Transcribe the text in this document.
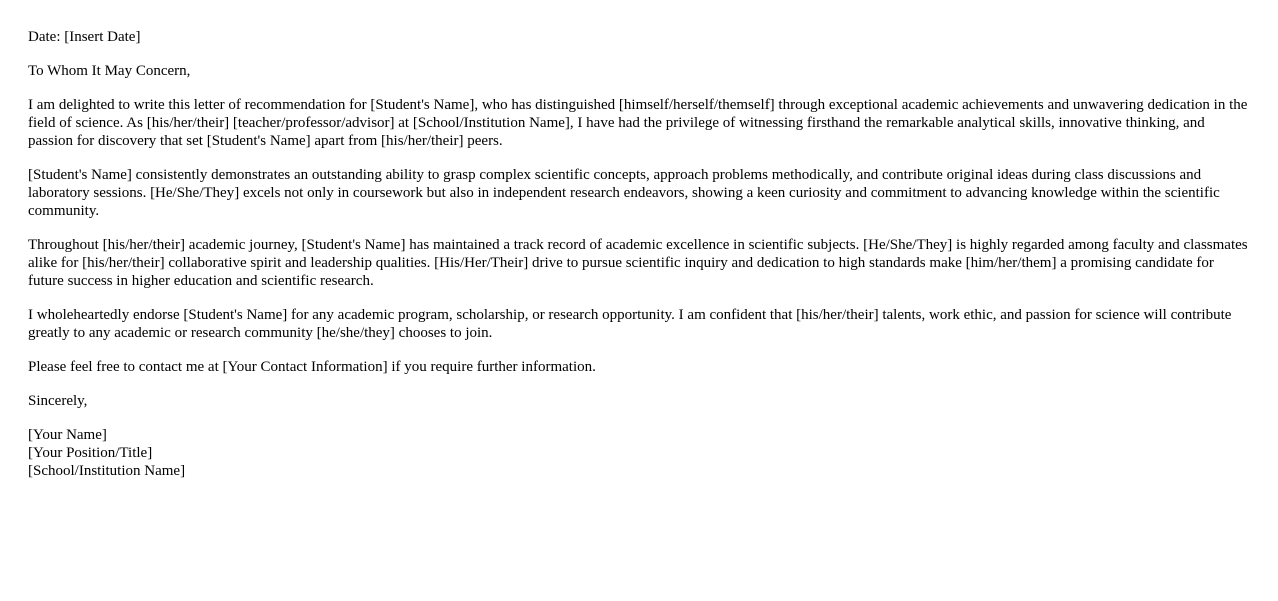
Date: [Insert Date]

To Whom It May Concern,

I am delighted to write this letter of recommendation for [Student's Name], who has distinguished [himself/herself/themself] through exceptional academic achievements and unwavering dedication in the field of science. As [his/her/their] [teacher/professor/advisor] at [School/Institution Name], I have had the privilege of witnessing firsthand the remarkable analytical skills, innovative thinking, and passion for discovery that set [Student's Name] apart from [his/her/their] peers.

[Student's Name] consistently demonstrates an outstanding ability to grasp complex scientific concepts, approach problems methodically, and contribute original ideas during class discussions and laboratory sessions. [He/She/They] excels not only in coursework but also in independent research endeavors, showing a keen curiosity and commitment to advancing knowledge within the scientific community.

Throughout [his/her/their] academic journey, [Student's Name] has maintained a track record of academic excellence in scientific subjects. [He/She/They] is highly regarded among faculty and classmates alike for [his/her/their] collaborative spirit and leadership qualities. [His/Her/Their] drive to pursue scientific inquiry and dedication to high standards make [him/her/them] a promising candidate for future success in higher education and scientific research.

I wholeheartedly endorse [Student's Name] for any academic program, scholarship, or research opportunity. I am confident that [his/her/their] talents, work ethic, and passion for science will contribute greatly to any academic or research community [he/she/they] chooses to join.

Please feel free to contact me at [Your Contact Information] if you require further information.

Sincerely,

[Your Name]
[Your Position/Title]
[School/Institution Name]
